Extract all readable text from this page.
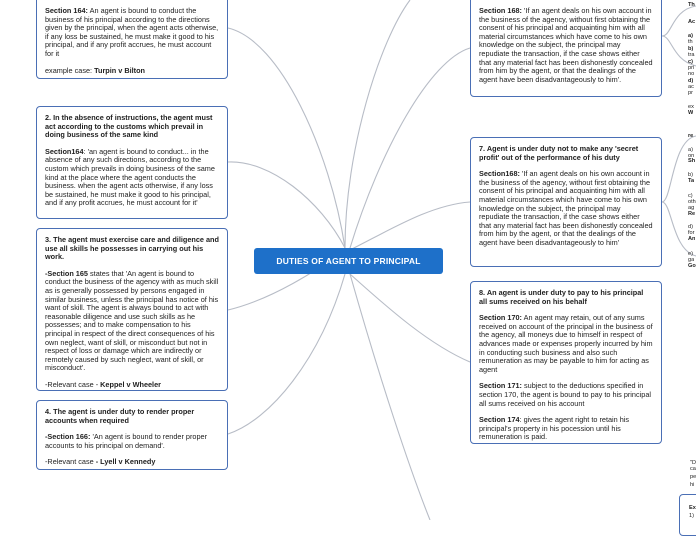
DUTIES OF AGENT TO PRINCIPAL

Section 164: An agent is bound to conduct the business of his principal according to the directions given by the principal, when the agent acts otherwise, if any loss be sustained, he must make it good to his principal, and if any profit accrues, he must account for it

example case: Turpin v Bilton

2. In the absence of instructions, the agent must act according to the customs which prevail in doing business of the same kind

Section164: 'an agent is bound to conduct... in the absence of any such directions, according to the custom which prevails in doing business of the same kind at the place where the agent conducts the business. when the agent acts otherwise, if any loss be sustained, he must make it good to his principal, and if any profit accrues, he must account for it'

3. The agent must exercise care and diligence and use all skills he possesses in carrying out his work.

-Section 165 states that 'An agent is bound to conduct the business of the agency with as much skill as is generally possessed by persons engaged in similar business, unless the principal has notice of his want of skill. The agent is always bound to act with reasonable diligence and use such skills as he possesses; and to make compensation to his principal in respect of the direct consequences of his own neglect, want of skill, or misconduct but not in respect of loss or damage which are indirectly or remotely caused by such neglect, want of skill, or misconduct'.

-Relevant case - Keppel v Wheeler

4. The agent is under duty to render proper accounts when required

-Section 166: 'An agent is bound to render proper accounts to his principal on demand'.

-Relevant case - Lyell v Kennedy

Section 168: 'If an agent deals on his own account in the business of the agency, without first obtaining the consent of his principal and acquainting him with all material circumstances which have come to his own knowledge on the subject, the principal may repudiate the transaction, if the case shows either that any material fact has been dishonestly concealed from him by the agent, or that the dealings of the agent have been disadvantageously to him'.

7. Agent is under duty not to make any 'secret profit' out of the performance of his duty

Section168: 'If an agent deals on his own account in the business of the agency, without first obtaining the consent of his principal and acquainting him with all material circumstances which have come to his own knowledge on the subject, the principal may repudiate the transaction, if the case shows either that any material fact has been dishonestly concealed from him by the agent, or that the dealings of the agent have been disadvantageously to him'

8. An agent is under duty to pay to his principal all sums received on his behalf

Section 170: An agent may retain, out of any sums received on account of the principal in the business of the agency, all moneys due to himself in respect of advances made or expenses properly incurred by him in conducting such business and also such remuneration as may be payable to him for acting as agent

Section 171: subject to the deductions specified in section 170, the agent is bound to pay to his principal all sums received on his account

Section 174: gives the agent right to retain his principal's property in his pocession until his remuneration is paid.

Th
Ac
a)
th
b)
tra
c)
pri
no
d)
ac
pr
ex
W
re
a)
on
Sh
b)
Ta
c)
oth
ag
Re
d)
for
An
e)
ga
Go
"D
ca
pe
hi
Ex
1)
